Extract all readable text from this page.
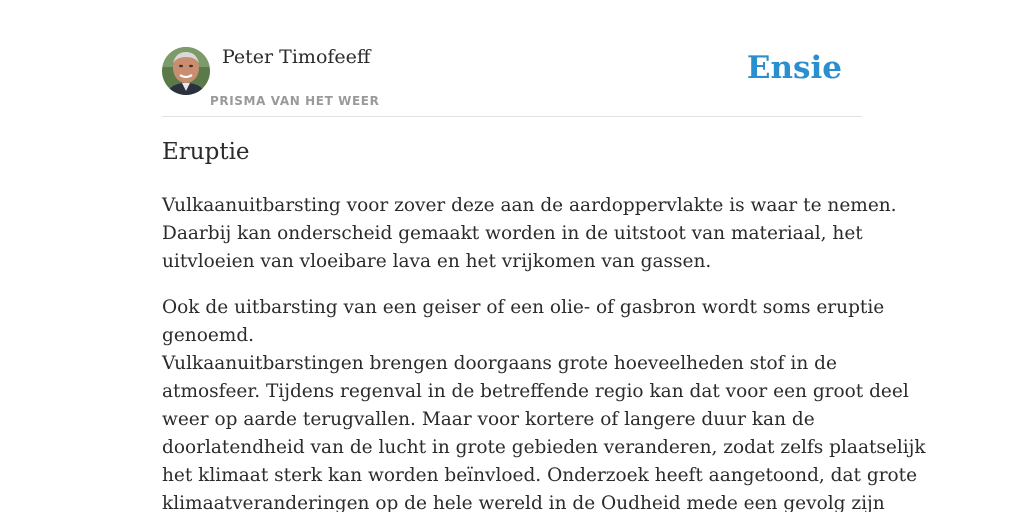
Peter Timofeeff
PRISMA VAN HET WEER
Ensie
Eruptie

Vulkaanuitbarsting voor zover deze aan de aardoppervlakte is waar te nemen.
Daarbij kan onderscheid gemaakt worden in de uitstoot van materiaal, het
uitvloeien van vloeibare lava en het vrijkomen van gassen.

Ook de uitbarsting van een geiser of een olie- of gasbron wordt soms eruptie
genoemd.
Vulkaanuitbarstingen brengen doorgaans grote hoeveelheden stof in de
atmosfeer. Tijdens regenval in de betreffende regio kan dat voor een groot deel
weer op aarde terugvallen. Maar voor kortere of langere duur kan de
doorlatendheid van de lucht in grote gebieden veranderen, zodat zelfs plaatselijk
het klimaat sterk kan worden beïnvloed. Onderzoek heeft aangetoond, dat grote
klimaatveranderingen op de hele wereld in de Oudheid mede een gevolg zijn
